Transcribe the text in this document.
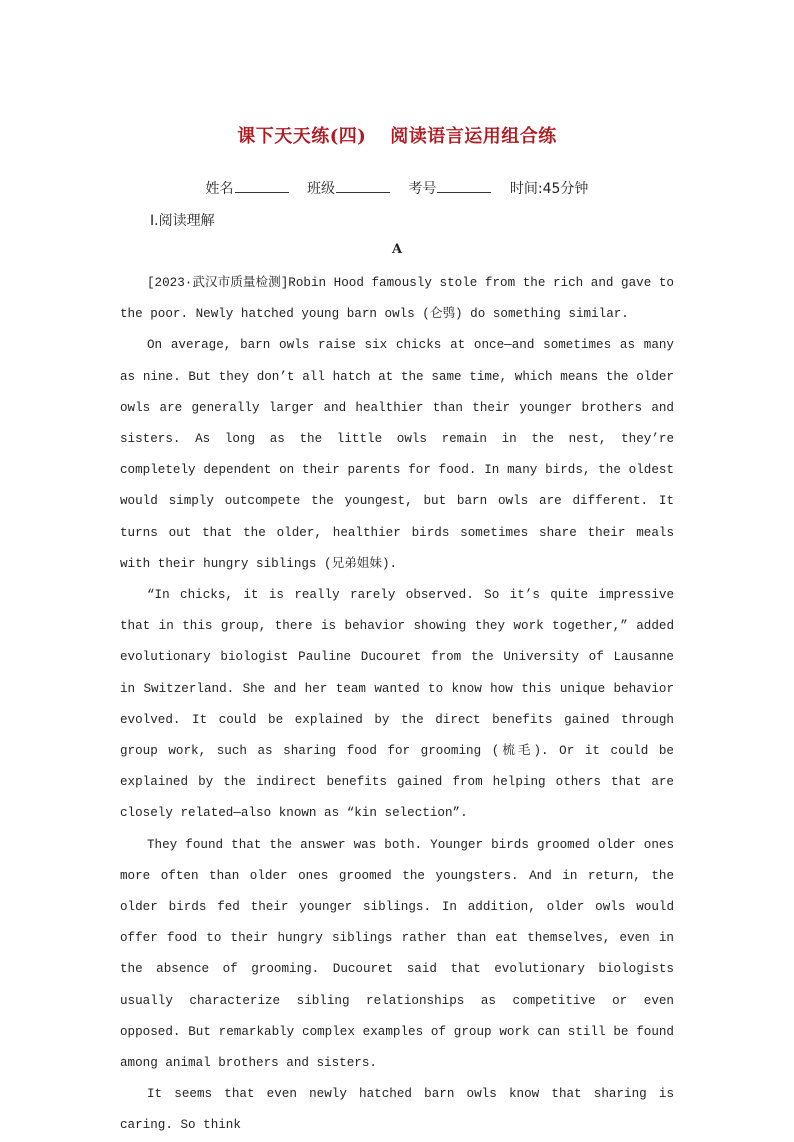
课下天天练(四) 阅读语言运用组合练
姓名	班级	考号	时间:45分钟
Ⅰ.阅读理解
A

[2023·武汉市质量检测]Robin Hood famously stole from the rich and gave to the poor. Newly hatched young barn owls (仑鸮) do something similar.

On average, barn owls raise six chicks at once—and sometimes as many as nine. But they don’t all hatch at the same time, which means the older owls are generally larger and healthier than their younger brothers and sisters. As long as the little owls remain in the nest, they’re completely dependent on their parents for food. In many birds, the oldest would simply outcompete the youngest, but barn owls are different. It turns out that the older, healthier birds sometimes share their meals with their hungry siblings (兄弟姐妹).

“In chicks, it is really rarely observed. So it’s quite impressive that in this group, there is behavior showing they work together,” added evolutionary biologist Pauline Ducouret from the University of Lausanne in Switzerland. She and her team wanted to know how this unique behavior evolved. It could be explained by the direct benefits gained through group work, such as sharing food for grooming (梳毛). Or it could be explained by the indirect benefits gained from helping others that are closely related—also known as “kin selection”.

They found that the answer was both. Younger birds groomed older ones more often than older ones groomed the youngsters. And in return, the older birds fed their younger siblings. In addition, older owls would offer food to their hungry siblings rather than eat themselves, even in the absence of grooming. Ducouret said that evolutionary biologists usually characterize sibling relationships as competitive or even opposed. But remarkably complex examples of group work can still be found among animal brothers and sisters.

It seems that even newly hatched barn owls know that sharing is caring. So think
